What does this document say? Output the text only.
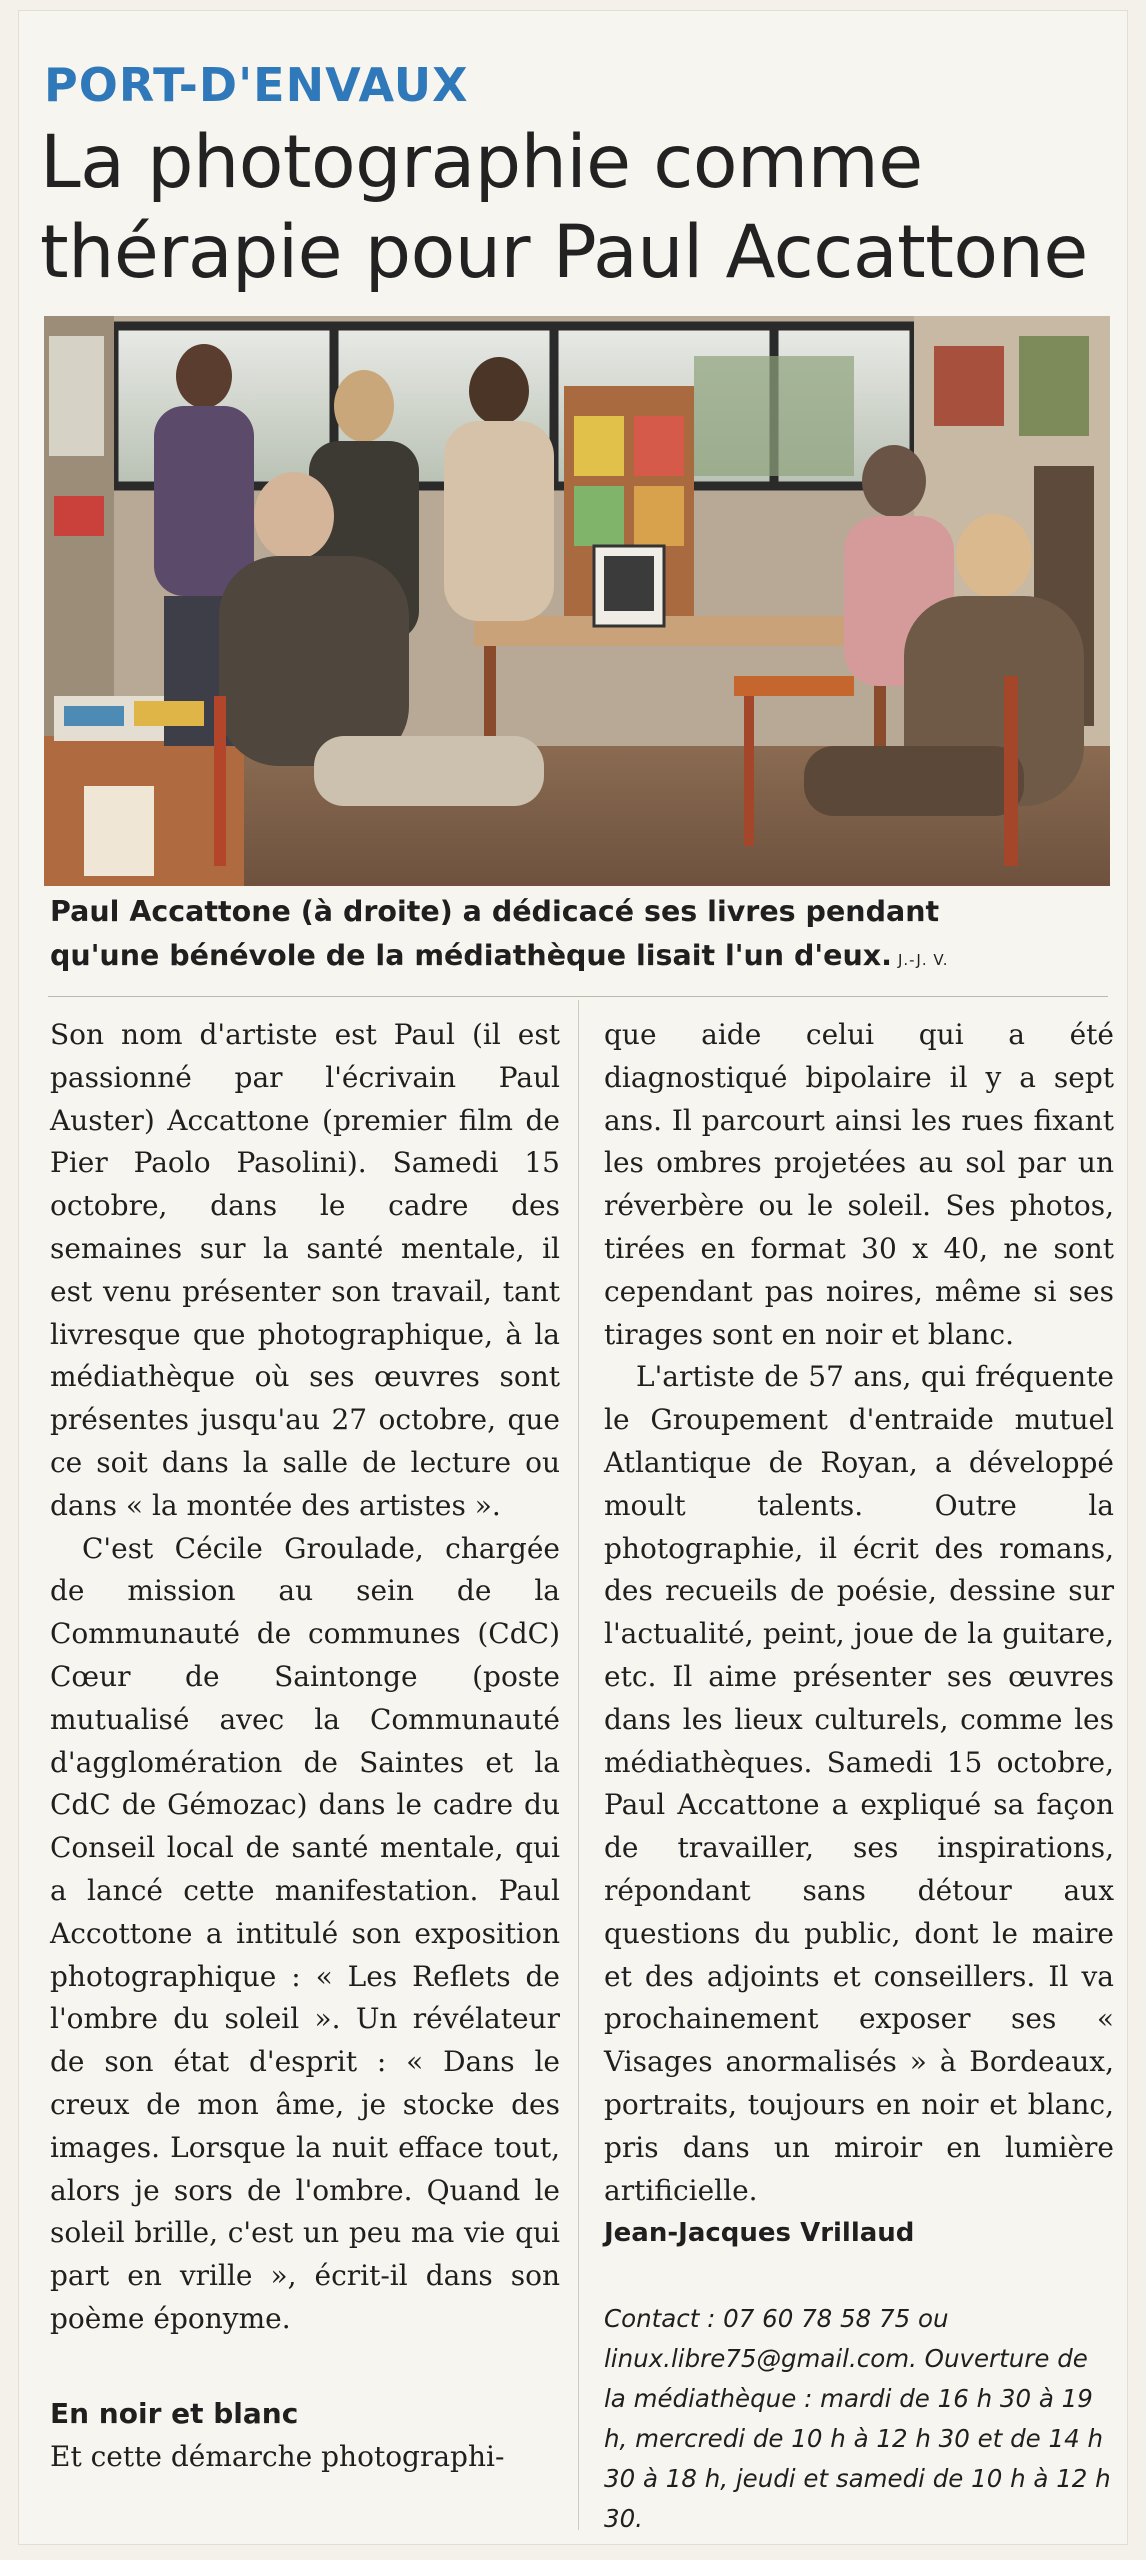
PORT-D'ENVAUX
La photographie comme
thérapie pour Paul Accattone
Paul Accattone (à droite) a dédicacé ses livres pendant
qu'une bénévole de la médiathèque lisait l'un d'eux. J.-J. V.

Son nom d'artiste est Paul (il est passionné par l'écrivain Paul Auster) Accattone (premier film de Pier Paolo Pasolini). Samedi 15 octobre, dans le cadre des semaines sur la santé mentale, il est venu présenter son travail, tant livresque que photographique, à la médiathèque où ses œuvres sont présentes jusqu'au 27 octobre, que ce soit dans la salle de lecture ou dans « la montée des artistes ».

C'est Cécile Groulade, chargée de mission au sein de la Communauté de communes (CdC) Cœur de Saintonge (poste mutualisé avec la Communauté d'agglomération de Saintes et la CdC de Gémozac) dans le cadre du Conseil local de santé mentale, qui a lancé cette manifestation. Paul Accottone a intitulé son exposition photographique : « Les Reflets de l'ombre du soleil ». Un révélateur de son état d'esprit : « Dans le creux de mon âme, je stocke des images. Lorsque la nuit efface tout, alors je sors de l'ombre. Quand le soleil brille, c'est un peu ma vie qui part en vrille », écrit-il dans son poème éponyme.

En noir et blanc

Et cette démarche photographi-

que aide celui qui a été diagnostiqué bipolaire il y a sept ans. Il parcourt ainsi les rues fixant les ombres projetées au sol par un réverbère ou le soleil. Ses photos, tirées en format 30 x 40, ne sont cependant pas noires, même si ses tirages sont en noir et blanc.

L'artiste de 57 ans, qui fréquente le Groupement d'entraide mutuel Atlantique de Royan, a développé moult talents. Outre la photographie, il écrit des romans, des recueils de poésie, dessine sur l'actualité, peint, joue de la guitare, etc. Il aime présenter ses œuvres dans les lieux culturels, comme les médiathèques. Samedi 15 octobre, Paul Accattone a expliqué sa façon de travailler, ses inspirations, répondant sans détour aux questions du public, dont le maire et des adjoints et conseillers. Il va prochainement exposer ses « Visages anormalisés » à Bordeaux, portraits, toujours en noir et blanc, pris dans un miroir en lumière artificielle.

Jean-Jacques Vrillaud

Contact : 07 60 78 58 75 ou linux.libre75@gmail.com. Ouverture de la médiathèque : mardi de 16 h 30 à 19 h, mercredi de 10 h à 12 h 30 et de 14 h 30 à 18 h, jeudi et samedi de 10 h à 12 h 30.
